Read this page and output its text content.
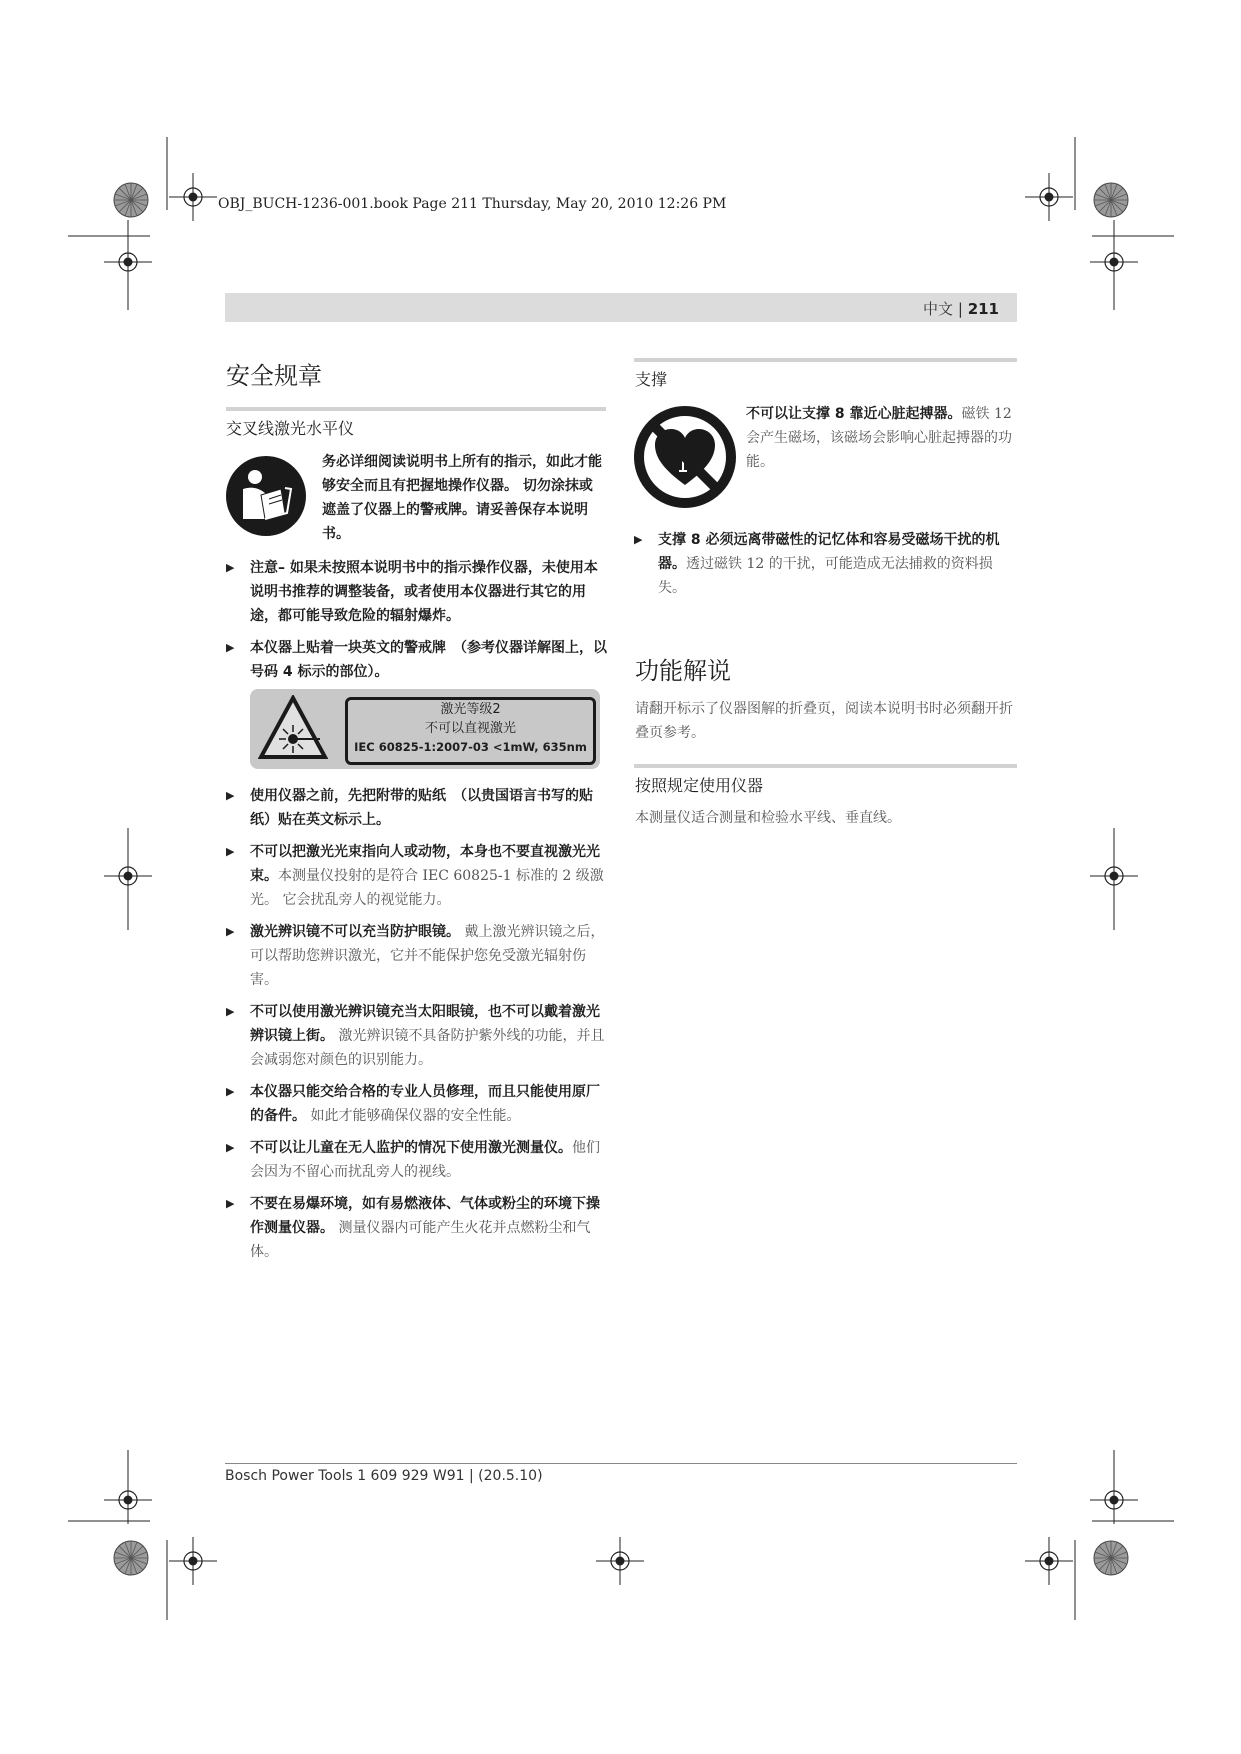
OBJ_BUCH-1236-001.book Page 211 Thursday, May 20, 2010 12:26 PM
中文 | 211
安全规章
交叉线激光水平仪
务必详细阅读说明书上所有的指示，如此才能够安全而且有把握地操作仪器。 切勿涂抹或遮盖了仪器上的警戒牌。请妥善保存本说明书。
▶ 注意– 如果未按照本说明书中的指示操作仪器，未使用本说明书推荐的调整装备，或者使用本仪器进行其它的用途，都可能导致危险的辐射爆炸。
▶ 本仪器上贴着一块英文的警戒牌　（参考仪器详解图上，以号码 4 标示的部位）。
激光等级2
不可以直视激光
IEC 60825-1:2007-03 <1mW, 635nm
▶ 使用仪器之前，先把附带的贴纸　（以贵国语言书写的贴纸）贴在英文标示上。
▶ 不可以把激光光束指向人或动物，本身也不要直视激光光束。本测量仪投射的是符合 IEC 60825-1 标准的 2 级激光。 它会扰乱旁人的视觉能力。
▶ 激光辨识镜不可以充当防护眼镜。 戴上激光辨识镜之后，可以帮助您辨识激光，它并不能保护您免受激光辐射伤害。
▶ 不可以使用激光辨识镜充当太阳眼镜，也不可以戴着激光辨识镜上街。 激光辨识镜不具备防护紫外线的功能，并且会减弱您对颜色的识别能力。
▶ 本仪器只能交给合格的专业人员修理，而且只能使用原厂的备件。 如此才能够确保仪器的安全性能。
▶ 不可以让儿童在无人监护的情况下使用激光测量仪。他们会因为不留心而扰乱旁人的视线。
▶ 不要在易爆环境，如有易燃液体、气体或粉尘的环境下操作测量仪器。 测量仪器内可能产生火花并点燃粉尘和气体。
支撑
不可以让支撑 8 靠近心脏起搏器。磁铁 12 会产生磁场，该磁场会影响心脏起搏器的功能。
▶ 支撑 8 必须远离带磁性的记忆体和容易受磁场干扰的机器。透过磁铁 12 的干扰，可能造成无法捕救的资料损失。
功能解说
请翻开标示了仪器图解的折叠页，阅读本说明书时必须翻开折叠页参考。
按照规定使用仪器
本测量仪适合测量和检验水平线、垂直线。
Bosch Power Tools 1 609 929 W91 | (20.5.10)
